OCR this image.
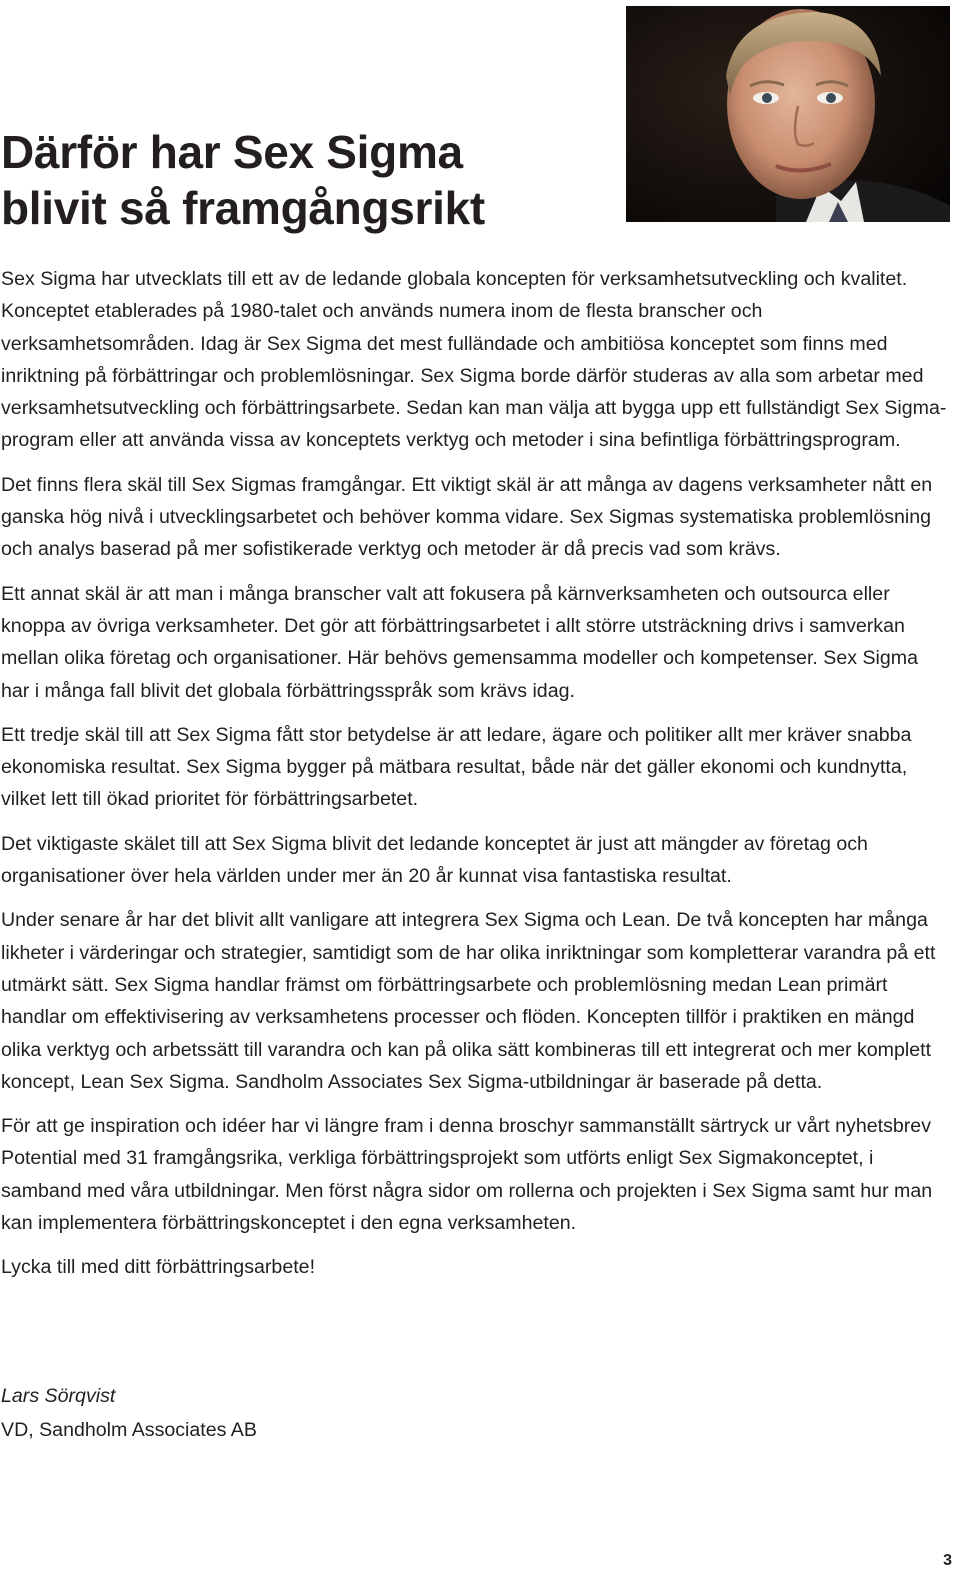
Därför har Sex Sigma
blivit så framgångsrikt

Sex Sigma har utvecklats till ett av de ledande globala koncepten för verksamhetsutveckling och kvalitet. Konceptet etablerades på 1980-talet och används numera inom de flesta branscher och verksamhetsområden. Idag är Sex Sigma det mest fulländade och ambitiösa konceptet som finns med inriktning på förbättringar och problemlösningar. Sex Sigma borde därför studeras av alla som arbetar med verksamhetsutveckling och förbättringsarbete. Sedan kan man välja att bygga upp ett fullständigt Sex Sigma-program eller att använda vissa av konceptets verktyg och metoder i sina befintliga förbättringsprogram.

Det finns flera skäl till Sex Sigmas framgångar. Ett viktigt skäl är att många av dagens verksamheter nått en ganska hög nivå i utvecklingsarbetet och behöver komma vidare. Sex Sigmas systematiska problemlösning och analys baserad på mer sofistikerade verktyg och metoder är då precis vad som krävs.

Ett annat skäl är att man i många branscher valt att fokusera på kärnverksamheten och outsourca eller knoppa av övriga verksamheter. Det gör att förbättringsarbetet i allt större utsträckning drivs i samverkan mellan olika företag och organisationer. Här behövs gemensamma modeller och kompetenser. Sex Sigma har i många fall blivit det globala förbättringsspråk som krävs idag.

Ett tredje skäl till att Sex Sigma fått stor betydelse är att ledare, ägare och politiker allt mer kräver snabba ekonomiska resultat. Sex Sigma bygger på mätbara resultat, både när det gäller ekonomi och kundnytta, vilket lett till ökad prioritet för förbättringsarbetet.

Det viktigaste skälet till att Sex Sigma blivit det ledande konceptet är just att mängder av företag och organisationer över hela världen under mer än 20 år kunnat visa fantastiska resultat.

Under senare år har det blivit allt vanligare att integrera Sex Sigma och Lean. De två koncepten har många likheter i värderingar och strategier, samtidigt som de har olika inriktningar som kompletterar varandra på ett utmärkt sätt. Sex Sigma handlar främst om förbättringsarbete och problemlösning medan Lean primärt handlar om effektivisering av verksamhetens processer och flöden. Koncepten tillför i praktiken en mängd olika verktyg och arbetssätt till varandra och kan på olika sätt kombineras till ett integrerat och mer komplett koncept, Lean Sex Sigma. Sandholm Associates Sex Sigma-utbildningar är baserade på detta.

För att ge inspiration och idéer har vi längre fram i denna broschyr sammanställt särtryck ur vårt nyhetsbrev Potential med 31 framgångsrika, verkliga förbättringsprojekt som utförts enligt Sex Sigmakonceptet, i samband med våra utbildningar. Men först några sidor om rollerna och projekten i Sex Sigma samt hur man kan implementera förbättringskonceptet i den egna verksamheten.

Lycka till med ditt förbättringsarbete!

Lars Sörqvist
VD, Sandholm Associates AB
3
